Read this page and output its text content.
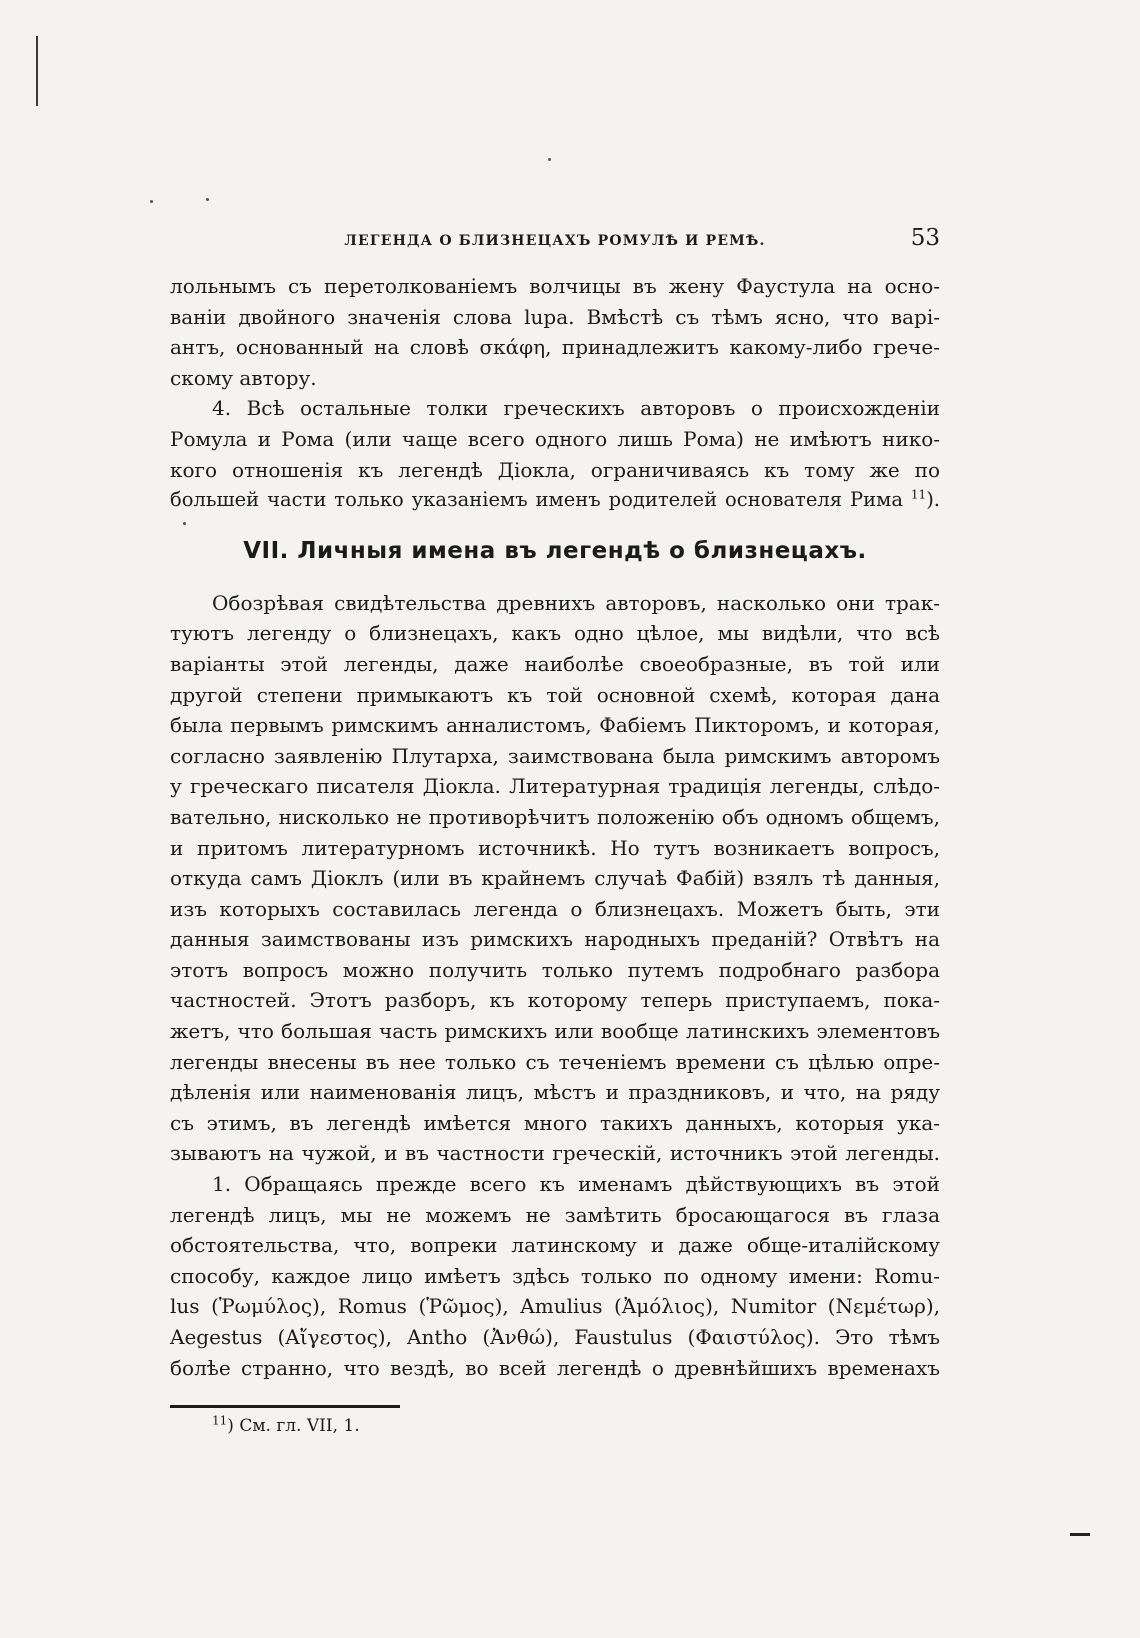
ЛЕГЕНДА О БЛИЗНЕЦАХЪ РОМУЛѢ И РЕМѢ.	53

лольнымъ съ перетолкованіемъ волчицы въ жену Фаустула на осно-
ваніи двойного значенія слова lupa. Вмѣстѣ съ тѣмъ ясно, что варі-
антъ, основанный на словѣ σκάφη, принадлежитъ какому-либо грече-
скому автору.

4. Всѣ остальные толки греческихъ авторовъ о происхожденіи
Ромула и Рома (или чаще всего одного лишь Рома) не имѣютъ нико-
кого отношенія къ легендѣ Діокла, ограничиваясь къ тому же по
большей части только указаніемъ именъ родителей основателя Рима $^{11}$).

VII. Личныя имена въ легендѣ о близнецахъ.

Обозрѣвая свидѣтельства древнихъ авторовъ, насколько они трак-
туютъ легенду о близнецахъ, какъ одно цѣлое, мы видѣли, что всѣ
варіанты этой легенды, даже наиболѣе своеобразные, въ той или
другой степени примыкаютъ къ той основной схемѣ, которая дана
была первымъ римскимъ анналистомъ, Фабіемъ Пикторомъ, и которая,
согласно заявленію Плутарха, заимствована была римскимъ авторомъ
у греческаго писателя Діокла. Литературная традиція легенды, слѣдо-
вательно, нисколько не противорѣчитъ положенію объ одномъ общемъ,
и притомъ литературномъ источникѣ. Но тутъ возникаетъ вопросъ,
откуда самъ Діоклъ (или въ крайнемъ случаѣ Фабій) взялъ тѣ данныя,
изъ которыхъ составилась легенда о близнецахъ. Можетъ быть, эти
данныя заимствованы изъ римскихъ народныхъ преданій? Отвѣтъ на
этотъ вопросъ можно получить только путемъ подробнаго разбора
частностей. Этотъ разборъ, къ которому теперь приступаемъ, пока-
жетъ, что большая часть римскихъ или вообще латинскихъ элементовъ
легенды внесены въ нее только съ теченіемъ времени съ цѣлью опре-
дѣленія или наименованія лицъ, мѣстъ и праздниковъ, и что, на ряду
съ этимъ, въ легендѣ имѣется много такихъ данныхъ, которыя ука-
зываютъ на чужой, и въ частности греческій, источникъ этой легенды.

1. Обращаясь прежде всего къ именамъ дѣйствующихъ въ этой
легендѣ лицъ, мы не можемъ не замѣтить бросающагося въ глаза
обстоятельства, что, вопреки латинскому и даже обще-италійскому
способу, каждое лицо имѣетъ здѣсь только по одному имени: Romu-
lus (Ῥωμύλος), Romus (Ῥῶμος), Amulius (Ἀμόλιος), Numitor (Νεμέτωρ),
Aegestus (Αἴγεστος), Antho (Ἀνθώ), Faustulus (Φαιστύλος). Это тѣмъ
болѣе странно, что вездѣ, во всей легендѣ о древнѣйшихъ временахъ

$^{11}$) См. гл. VII, 1.
